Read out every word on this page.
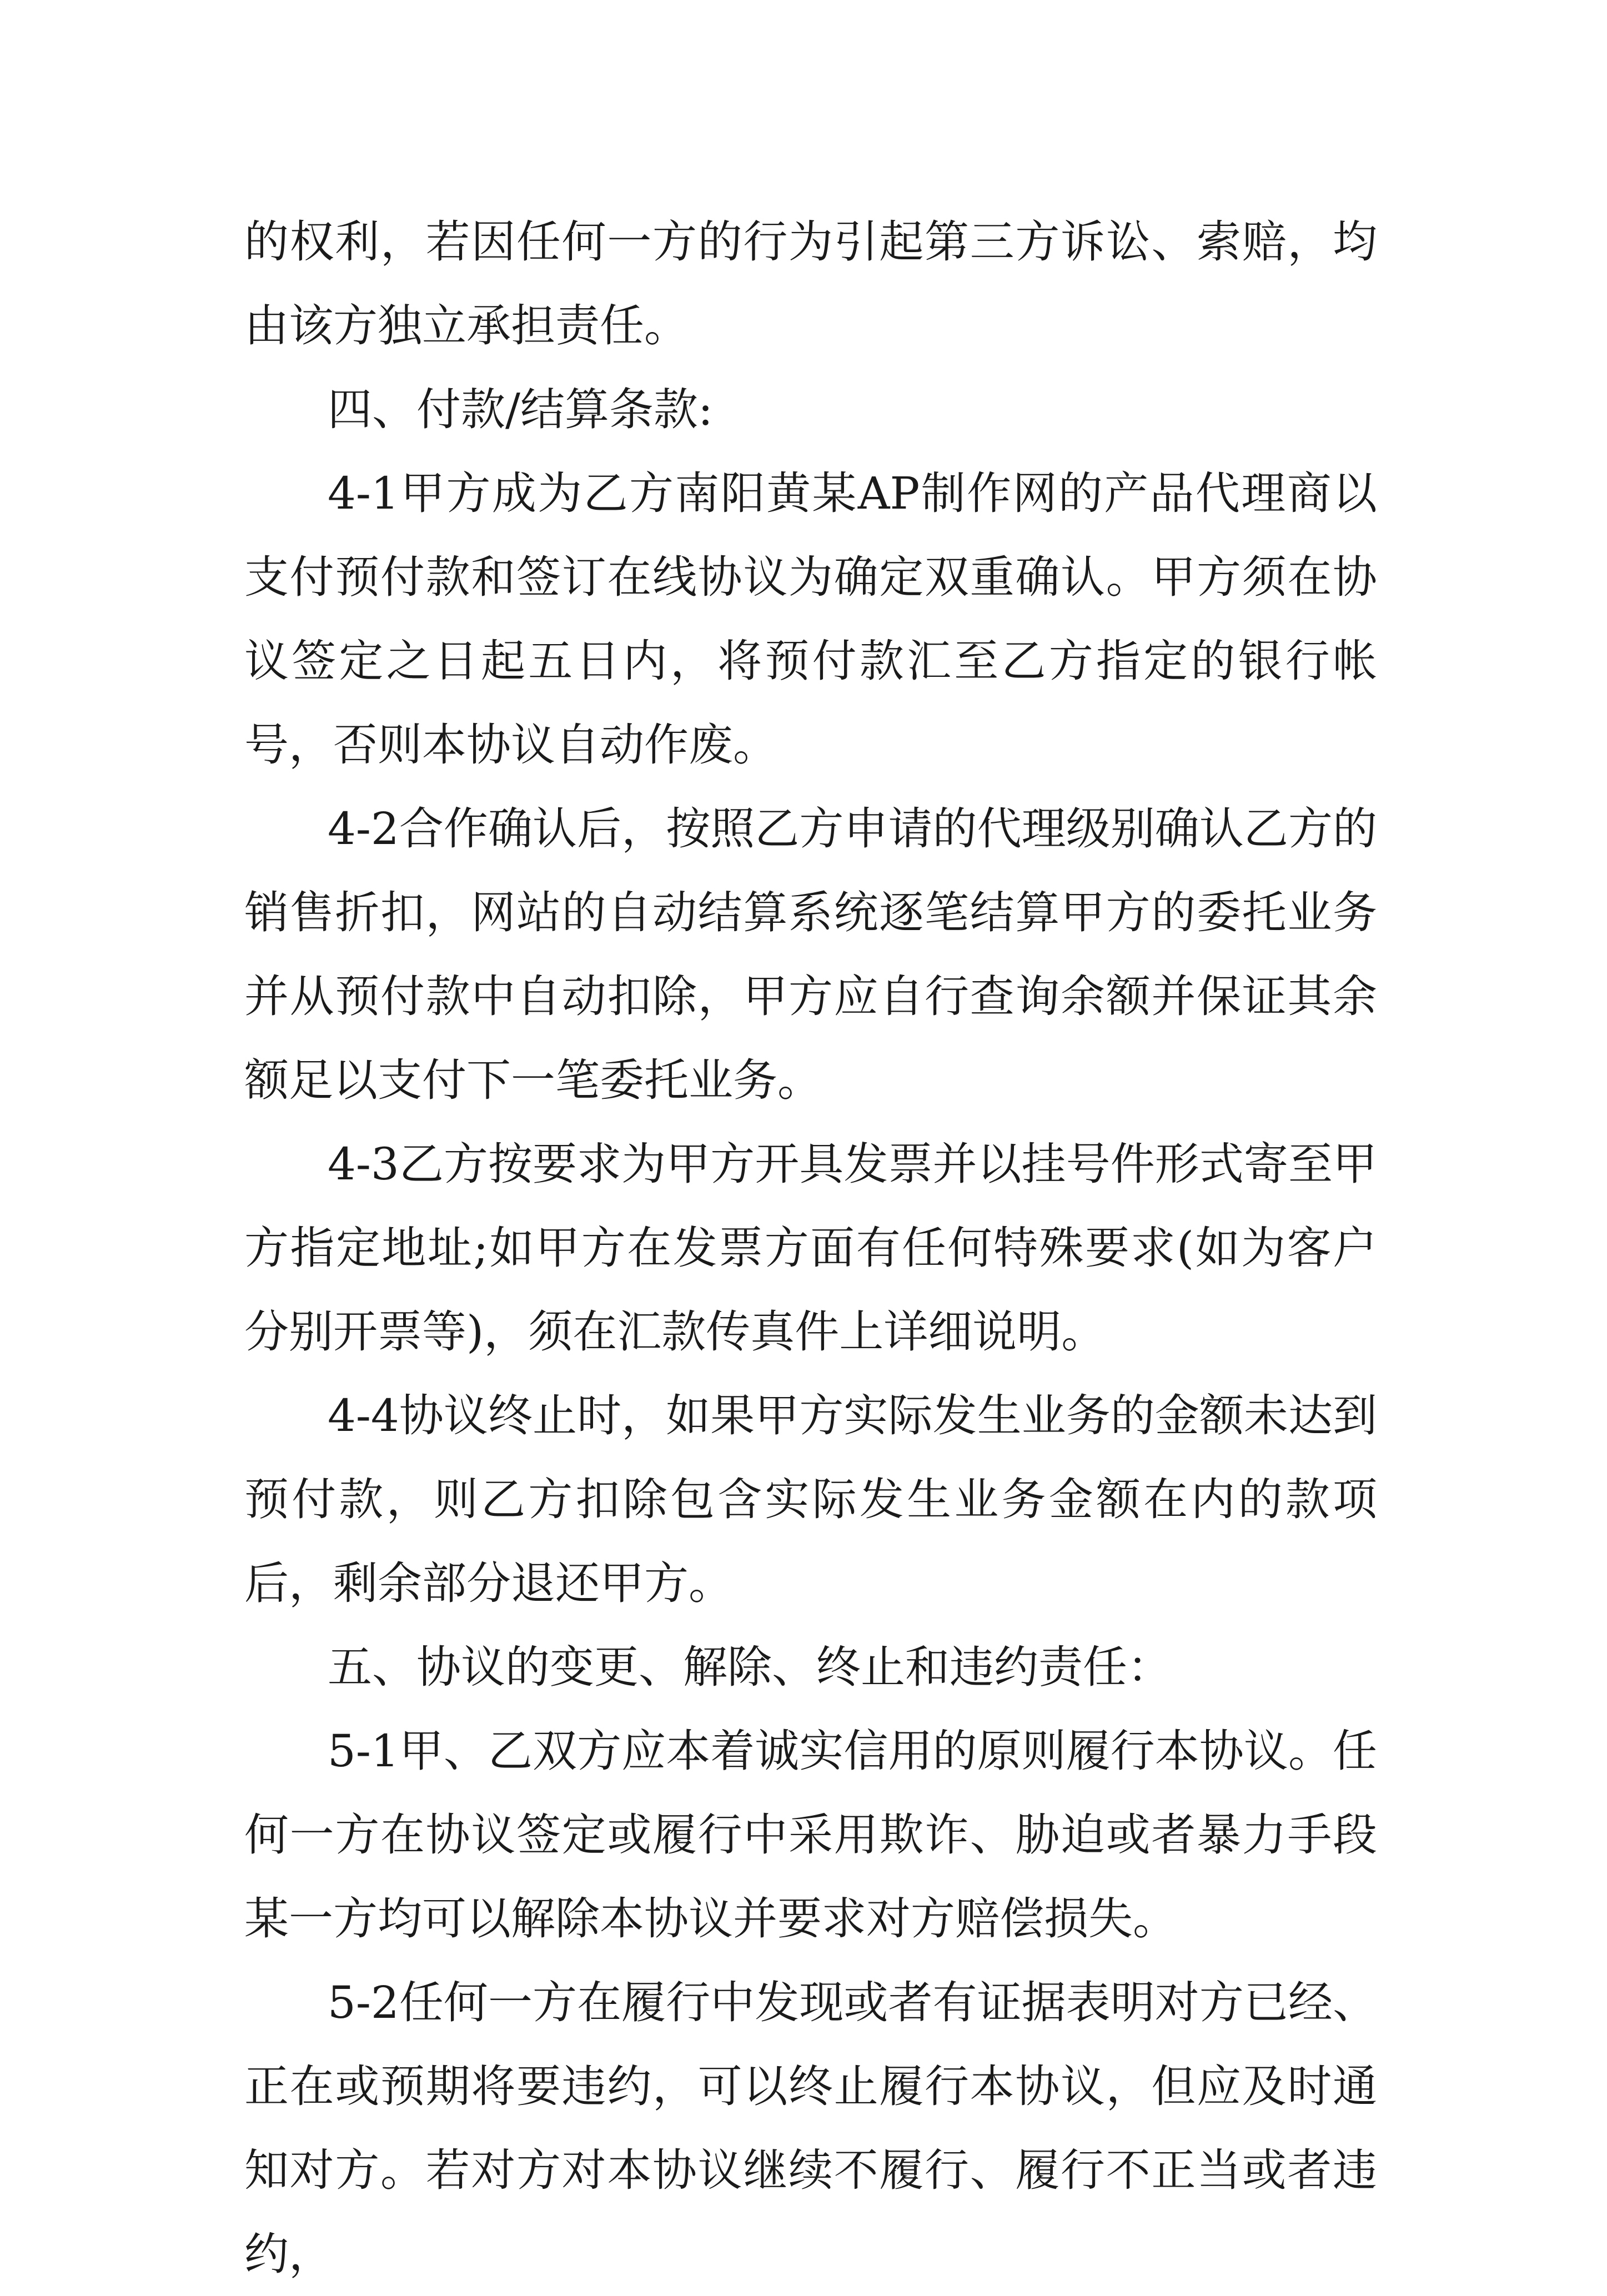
的权利，若因任何一方的行为引起第三方诉讼、索赔，均由该方独立承担责任。

四、付款/结算条款:

4-1甲方成为乙方南阳黄某AP制作网的产品代理商以支付预付款和签订在线协议为确定双重确认。甲方须在协议签定之日起五日内，将预付款汇至乙方指定的银行帐号，否则本协议自动作废。

4-2合作确认后，按照乙方申请的代理级别确认乙方的销售折扣，网站的自动结算系统逐笔结算甲方的委托业务并从预付款中自动扣除，甲方应自行查询余额并保证其余额足以支付下一笔委托业务。

4-3乙方按要求为甲方开具发票并以挂号件形式寄至甲方指定地址;如甲方在发票方面有任何特殊要求(如为客户分别开票等)，须在汇款传真件上详细说明。

4-4协议终止时，如果甲方实际发生业务的金额未达到预付款，则乙方扣除包含实际发生业务金额在内的款项后，剩余部分退还甲方。

五、协议的变更、解除、终止和违约责任：

5-1甲、乙双方应本着诚实信用的原则履行本协议。任何一方在协议签定或履行中采用欺诈、胁迫或者暴力手段某一方均可以解除本协议并要求对方赔偿损失。

5-2任何一方在履行中发现或者有证据表明对方已经、正在或预期将要违约，可以终止履行本协议，但应及时通知对方。若对方对本协议继续不履行、履行不正当或者违约，
